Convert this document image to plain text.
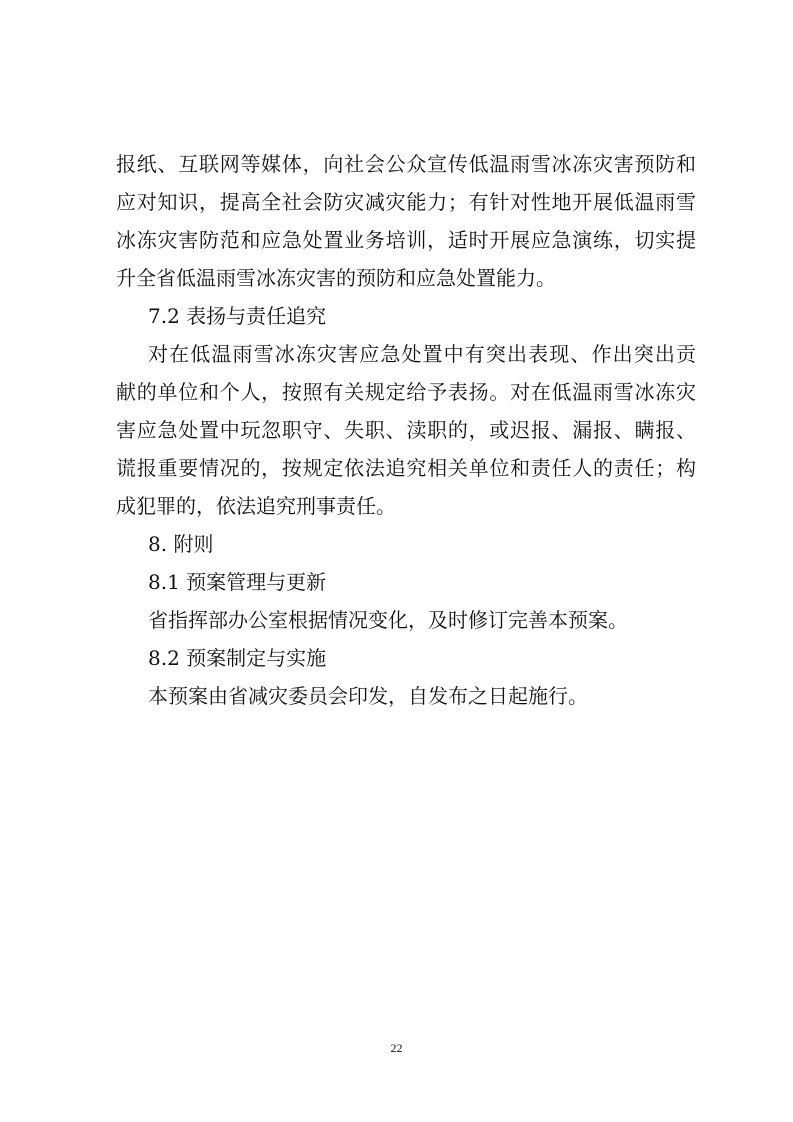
报纸、互联网等媒体，向社会公众宣传低温雨雪冰冻灾害预防和
应对知识，提高全社会防灾减灾能力；有针对性地开展低温雨雪
冰冻灾害防范和应急处置业务培训，适时开展应急演练，切实提
升全省低温雨雪冰冻灾害的预防和应急处置能力。
7.2 表扬与责任追究
对在低温雨雪冰冻灾害应急处置中有突出表现、作出突出贡
献的单位和个人，按照有关规定给予表扬。对在低温雨雪冰冻灾
害应急处置中玩忽职守、失职、渎职的，或迟报、漏报、瞒报、
谎报重要情况的，按规定依法追究相关单位和责任人的责任；构
成犯罪的，依法追究刑事责任。
8. 附则
8.1 预案管理与更新
省指挥部办公室根据情况变化，及时修订完善本预案。
8.2 预案制定与实施
本预案由省减灾委员会印发，自发布之日起施行。
22
